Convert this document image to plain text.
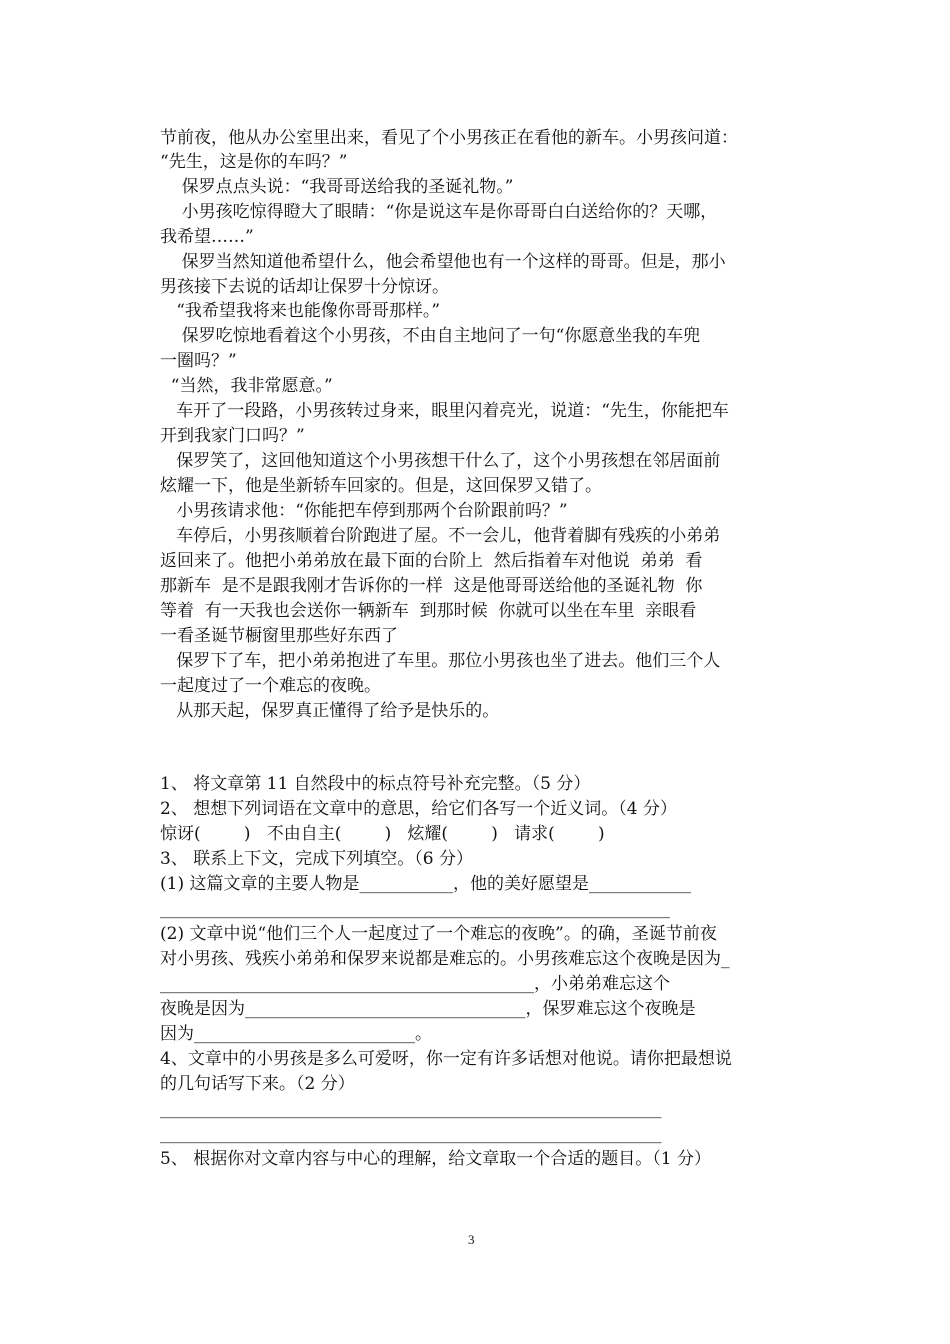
节前夜，他从办公室里出来，看见了个小男孩正在看他的新车。小男孩问道：
“先生，这是你的车吗？”
保罗点点头说：“我哥哥送给我的圣诞礼物。”
小男孩吃惊得瞪大了眼睛：“你是说这车是你哥哥白白送给你的？天哪，
我希望……”
保罗当然知道他希望什么，他会希望他也有一个这样的哥哥。但是，那小
男孩接下去说的话却让保罗十分惊讶。
“我希望我将来也能像你哥哥那样。”
保罗吃惊地看着这个小男孩，不由自主地问了一句“你愿意坐我的车兜
一圈吗？”
“当然，我非常愿意。”
车开了一段路，小男孩转过身来，眼里闪着亮光，说道：“先生，你能把车
开到我家门口吗？”
保罗笑了，这回他知道这个小男孩想干什么了，这个小男孩想在邻居面前
炫耀一下，他是坐新轿车回家的。但是，这回保罗又错了。
小男孩请求他：“你能把车停到那两个台阶跟前吗？”
车停后，小男孩顺着台阶跑进了屋。不一会儿，他背着脚有残疾的小弟弟
返回来了。他把小弟弟放在最下面的台阶上  然后指着车对他说  弟弟  看
那新车  是不是跟我刚才告诉你的一样  这是他哥哥送给他的圣诞礼物  你
等着  有一天我也会送你一辆新车  到那时候  你就可以坐在车里  亲眼看
一看圣诞节橱窗里那些好东西了
保罗下了车，把小弟弟抱进了车里。那位小男孩也坐了进去。他们三个人
一起度过了一个难忘的夜晚。
从那天起，保罗真正懂得了给予是快乐的。
1、 将文章第 11 自然段中的标点符号补充完整。（5 分）
2、 想想下列词语在文章中的意思，给它们各写一个近义词。（4 分）
惊讶(        )   不由自主(        )   炫耀(        )   请求(        )
3、 联系上下文，完成下列填空。（6 分）
(1) 这篇文章的主要人物是___________，他的美好愿望是____________
____________________________________________________________
(2) 文章中说“他们三个人一起度过了一个难忘的夜晚”。的确，圣诞节前夜
对小男孩、残疾小弟弟和保罗来说都是难忘的。小男孩难忘这个夜晚是因为_
____________________________________________，小弟弟难忘这个
夜晚是因为_________________________________，保罗难忘这个夜晚是
因为__________________________。
4、文章中的小男孩是多么可爱呀，你一定有许多话想对他说。请你把最想说
的几句话写下来。（2 分）
___________________________________________________________
___________________________________________________________
5、 根据你对文章内容与中心的理解，给文章取一个合适的题目。（1 分）
3
